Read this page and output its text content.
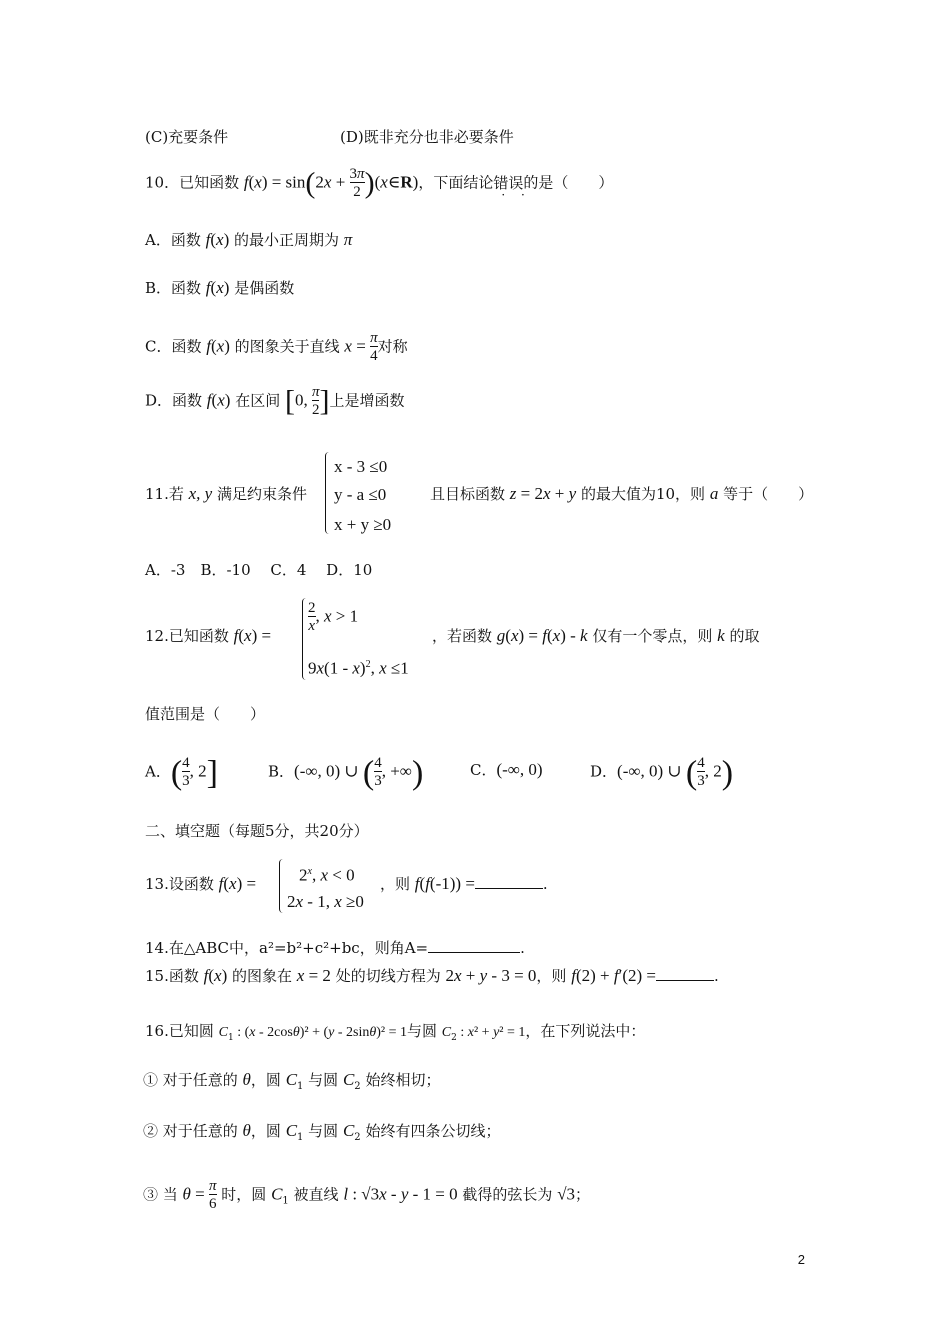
(C)充要条件	(D)既非充分也非必要条件
10．已知函数 $f(x) = \sin(2x + \frac{3\pi}{2}$ )(x∈R)，下面结论错误 · ·的是（　　）
A．函数 f(x) 的最小正周期为 π
B．函数 f(x) 是偶函数
C．函数 f(x) 的图象关于直线 $x = \frac{\pi}{4}$ 对称
D．函数 f(x) 在区间 [0, $\frac{\pi}{2}$ ]上是增函数
x - 3 ≤0
y - a ≤0
x + y ≥0
11.若 x, y 满足约束条件	且目标函数 z = 2x + y 的最大值为10，则 a 等于（　　）
A．-3　B．-10　 C．4　 D．10
$\frac{2}{x}$ , x > 1
9x(1 - x)$^2$, x ≤1
12.已知函数 f(x) =	，若函数 g(x) = f(x) - k 仅有一个零点，则 k 的取
值范围是（　　）
A．( $\frac{4}{3}$ , 2]	B．(-∞, 0) ∪ ( $\frac{4}{3}$ , +∞)	C．(-∞, 0)	D．(-∞, 0) ∪ ( $\frac{4}{3}$ , 2)
二、填空题（每题5分，共20分）
2$^x$, x < 0
2x - 1, x ≥0
13.设函数 f(x) =	，则 f(f(-1)) =	.
14.在△ABC中，a²=b²+c²+bc，则角A=	.
15.函数 f(x) 的图象在 x = 2 处的切线方程为 2x + y - 3 = 0，则 f(2) + f′(2) =	.
16.已知圆 $C_1$ : (x - 2cosθ)² + (y - 2sinθ)² = 1与圆 $C_2$ : x² + y² = 1，在下列说法中：
① 对于任意的 θ，圆 $C_1$ 与圆 $C_2$ 始终相切；
② 对于任意的 θ，圆 $C_1$ 与圆 $C_2$ 始终有四条公切线；
③ 当 $\theta = \frac{\pi}{6}$ 时，圆 $C_1$ 被直线 l : √3x - y - 1 = 0 截得的弦长为 √3；
2
